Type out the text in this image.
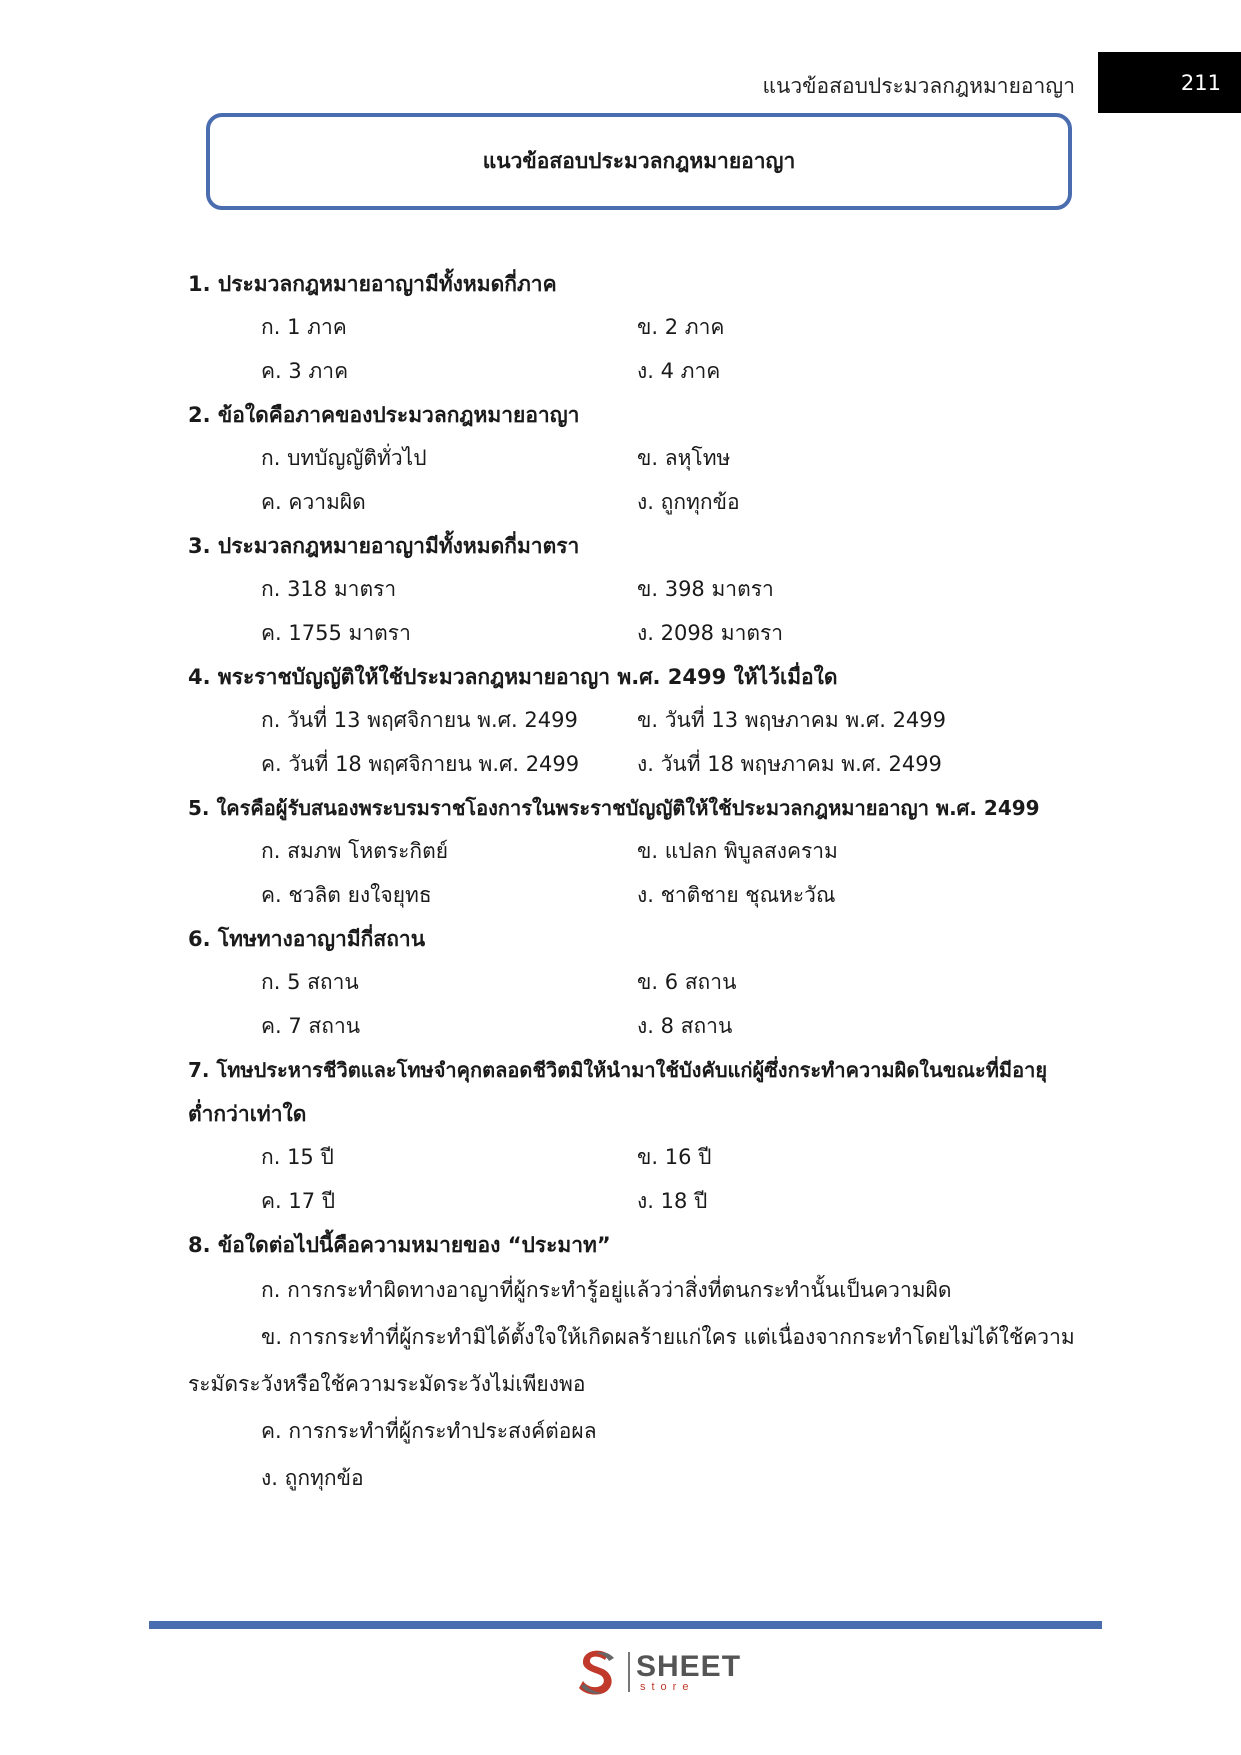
แนวข้อสอบประมวลกฎหมายอาญา	211
แนวข้อสอบประมวลกฎหมายอาญา
1. ประมวลกฎหมายอาญามีทั้งหมดกี่ภาค
ก. 1 ภาค	ข. 2 ภาค
ค. 3 ภาค	ง. 4 ภาค
2. ข้อใดคือภาคของประมวลกฎหมายอาญา
ก. บทบัญญัติทั่วไป	ข. ลหุโทษ
ค. ความผิด	ง. ถูกทุกข้อ
3. ประมวลกฎหมายอาญามีทั้งหมดกี่มาตรา
ก. 318 มาตรา	ข. 398 มาตรา
ค. 1755 มาตรา	ง. 2098 มาตรา
4. พระราชบัญญัติให้ใช้ประมวลกฎหมายอาญา พ.ศ. 2499 ให้ไว้เมื่อใด
ก. วันที่ 13 พฤศจิกายน พ.ศ. 2499	ข. วันที่ 13 พฤษภาคม พ.ศ. 2499
ค. วันที่ 18 พฤศจิกายน พ.ศ. 2499	ง. วันที่ 18 พฤษภาคม พ.ศ. 2499
5. ใครคือผู้รับสนองพระบรมราชโองการในพระราชบัญญัติให้ใช้ประมวลกฎหมายอาญา พ.ศ. 2499
ก. สมภพ โหตระกิตย์	ข. แปลก พิบูลสงคราม
ค. ชวลิต ยงใจยุทธ	ง. ชาติชาย ชุณหะวัณ
6. โทษทางอาญามีกี่สถาน
ก. 5 สถาน	ข. 6 สถาน
ค. 7 สถาน	ง. 8 สถาน
7. โทษประหารชีวิตและโทษจำคุกตลอดชีวิตมิให้นำมาใช้บังคับแก่ผู้ซึ่งกระทำความผิดในขณะที่มีอายุ
ต่ำกว่าเท่าใด
ก. 15 ปี	ข. 16 ปี
ค. 17 ปี	ง. 18 ปี
8. ข้อใดต่อไปนี้คือความหมายของ “ประมาท”
ก. การกระทำผิดทางอาญาที่ผู้กระทำรู้อยู่แล้วว่าสิ่งที่ตนกระทำนั้นเป็นความผิด
ข. การกระทำที่ผู้กระทำมิได้ตั้งใจให้เกิดผลร้ายแก่ใคร แต่เนื่องจากกระทำโดยไม่ได้ใช้ความ
ระมัดระวังหรือใช้ความระมัดระวังไม่เพียงพอ
ค. การกระทำที่ผู้กระทำประสงค์ต่อผล
ง. ถูกทุกข้อ
SHEET
store
